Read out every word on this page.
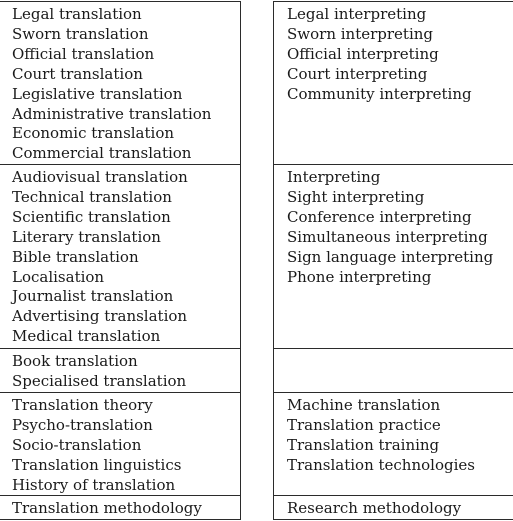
Legal translation
Sworn translation
Official translation
Court translation
Legislative translation
Administrative translation
Economic translation
Commercial translation
Audiovisual translation
Technical translation
Scientific translation
Literary translation
Bible translation
Localisation
Journalist translation
Advertising translation
Medical translation
Book translation
Specialised translation
Translation theory
Psycho-translation
Socio-translation
Translation linguistics
History of translation
Translation methodology
Legal interpreting
Sworn interpreting
Official interpreting
Court interpreting
Community interpreting
Interpreting
Sight interpreting
Conference interpreting
Simultaneous interpreting
Sign language interpreting
Phone interpreting
Machine translation
Translation practice
Translation training
Translation technologies
Research methodology
